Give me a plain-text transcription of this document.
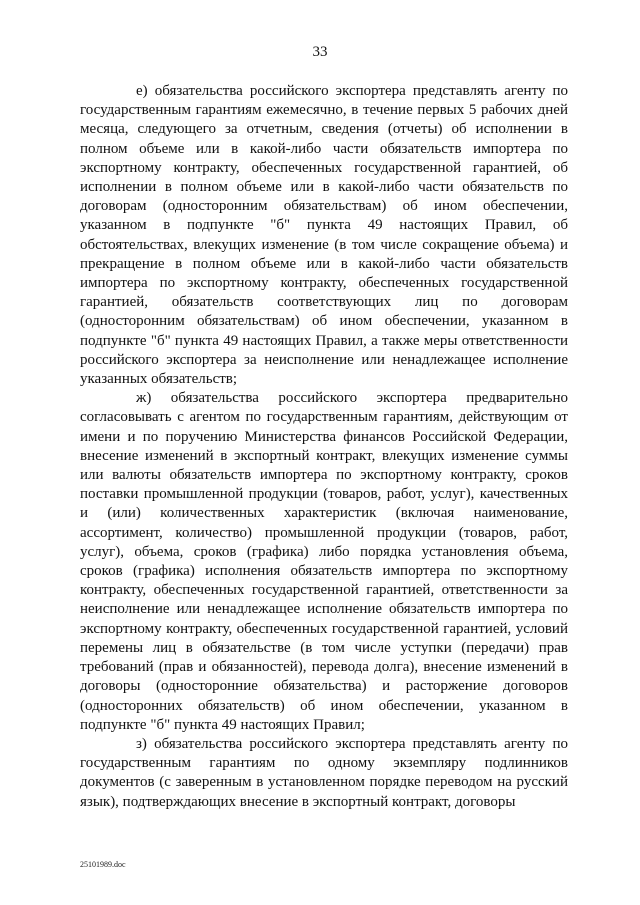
33

е) обязательства российского экспортера представлять агенту по государственным гарантиям ежемесячно, в течение первых 5 рабочих дней месяца, следующего за отчетным, сведения (отчеты) об исполнении в полном объеме или в какой-либо части обязательств импортера по экспортному контракту, обеспеченных государственной гарантией, об исполнении в полном объеме или в какой-либо части обязательств по договорам (односторонним обязательствам) об ином обеспечении, указанном в подпункте "б" пункта 49 настоящих Правил, об обстоятельствах, влекущих изменение (в том числе сокращение объема) и прекращение в полном объеме или в какой-либо части обязательств импортера по экспортному контракту, обеспеченных государственной гарантией, обязательств соответствующих лиц по договорам (односторонним обязательствам) об ином обеспечении, указанном в подпункте "б" пункта 49 настоящих Правил, а также меры ответственности российского экспортера за неисполнение или ненадлежащее исполнение указанных обязательств;

ж) обязательства российского экспортера предварительно согласовывать с агентом по государственным гарантиям, действующим от имени и по поручению Министерства финансов Российской Федерации, внесение изменений в экспортный контракт, влекущих изменение суммы или валюты обязательств импортера по экспортному контракту, сроков поставки промышленной продукции (товаров, работ, услуг), качественных и (или) количественных характеристик (включая наименование, ассортимент, количество) промышленной продукции (товаров, работ, услуг), объема, сроков (графика) либо порядка установления объема, сроков (графика) исполнения обязательств импортера по экспортному контракту, обеспеченных государственной гарантией, ответственности за неисполнение или ненадлежащее исполнение обязательств импортера по экспортному контракту, обеспеченных государственной гарантией, условий перемены лиц в обязательстве (в том числе уступки (передачи) прав требований (прав и обязанностей), перевода долга), внесение изменений в договоры (односторонние обязательства) и расторжение договоров (односторонних обязательств) об ином обеспечении, указанном в подпункте "б" пункта 49 настоящих Правил;

з) обязательства российского экспортера представлять агенту по государственным гарантиям по одному экземпляру подлинников документов (с заверенным в установленном порядке переводом на русский язык), подтверждающих внесение в экспортный контракт, договоры

25101989.doc
